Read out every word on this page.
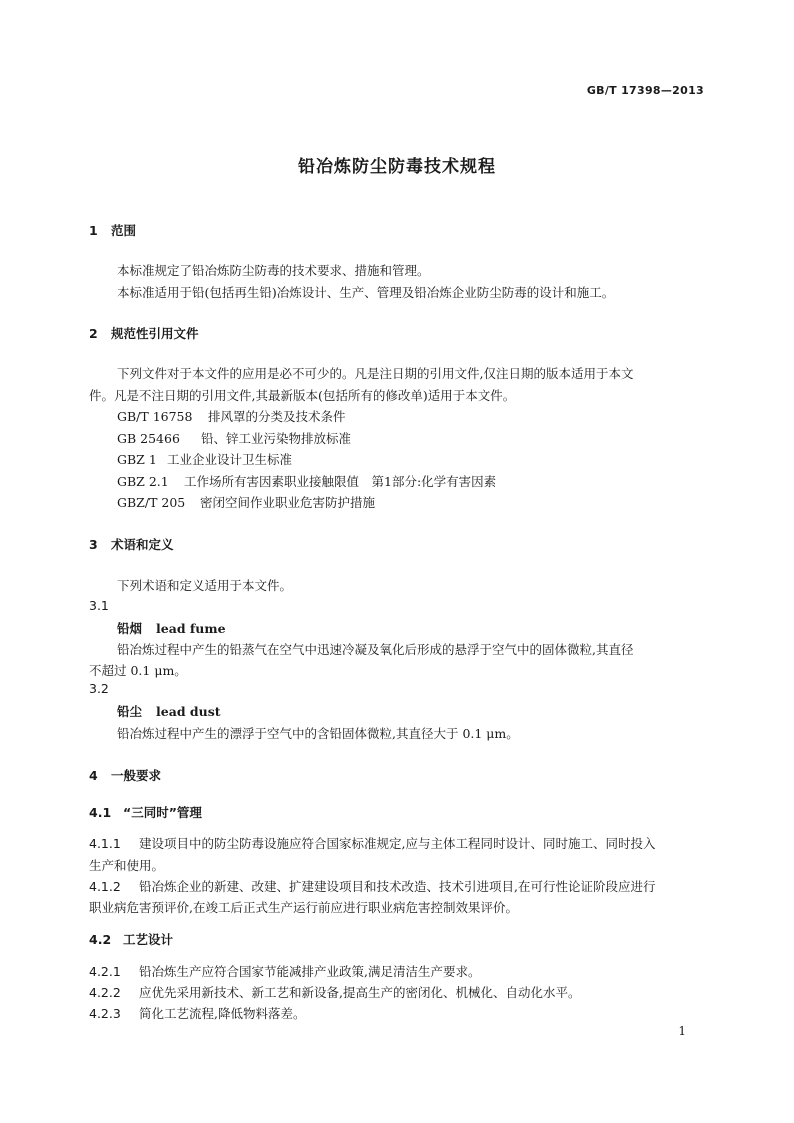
GB/T 17398—2013
铅冶炼防尘防毒技术规程
1 范围
本标准规定了铅冶炼防尘防毒的技术要求、措施和管理。
本标准适用于铅(包括再生铅)冶炼设计、生产、管理及铅冶炼企业防尘防毒的设计和施工。
2 规范性引用文件
下列文件对于本文件的应用是必不可少的。凡是注日期的引用文件,仅注日期的版本适用于本文
件。凡是不注日期的引用文件,其最新版本(包括所有的修改单)适用于本文件。
GB/T 16758 排风罩的分类及技术条件
GB 25466 铅、锌工业污染物排放标准
GBZ 1 工业企业设计卫生标准
GBZ 2.1 工作场所有害因素职业接触限值　第1部分:化学有害因素
GBZ/T 205 密闭空间作业职业危害防护措施
3 术语和定义
下列术语和定义适用于本文件。
3.1
铅烟 lead fume
铅冶炼过程中产生的铅蒸气在空气中迅速冷凝及氧化后形成的悬浮于空气中的固体微粒,其直径
不超过 0.1 μm。
3.2
铅尘 lead dust
铅冶炼过程中产生的漂浮于空气中的含铅固体微粒,其直径大于 0.1 μm。
4 一般要求
4.1 “三同时”管理
4.1.1 建设项目中的防尘防毒设施应符合国家标准规定,应与主体工程同时设计、同时施工、同时投入
生产和使用。
4.1.2 铅冶炼企业的新建、改建、扩建建设项目和技术改造、技术引进项目,在可行性论证阶段应进行
职业病危害预评价,在竣工后正式生产运行前应进行职业病危害控制效果评价。
4.2 工艺设计
4.2.1 铅冶炼生产应符合国家节能减排产业政策,满足清洁生产要求。
4.2.2 应优先采用新技术、新工艺和新设备,提高生产的密闭化、机械化、自动化水平。
4.2.3 简化工艺流程,降低物料落差。
1
